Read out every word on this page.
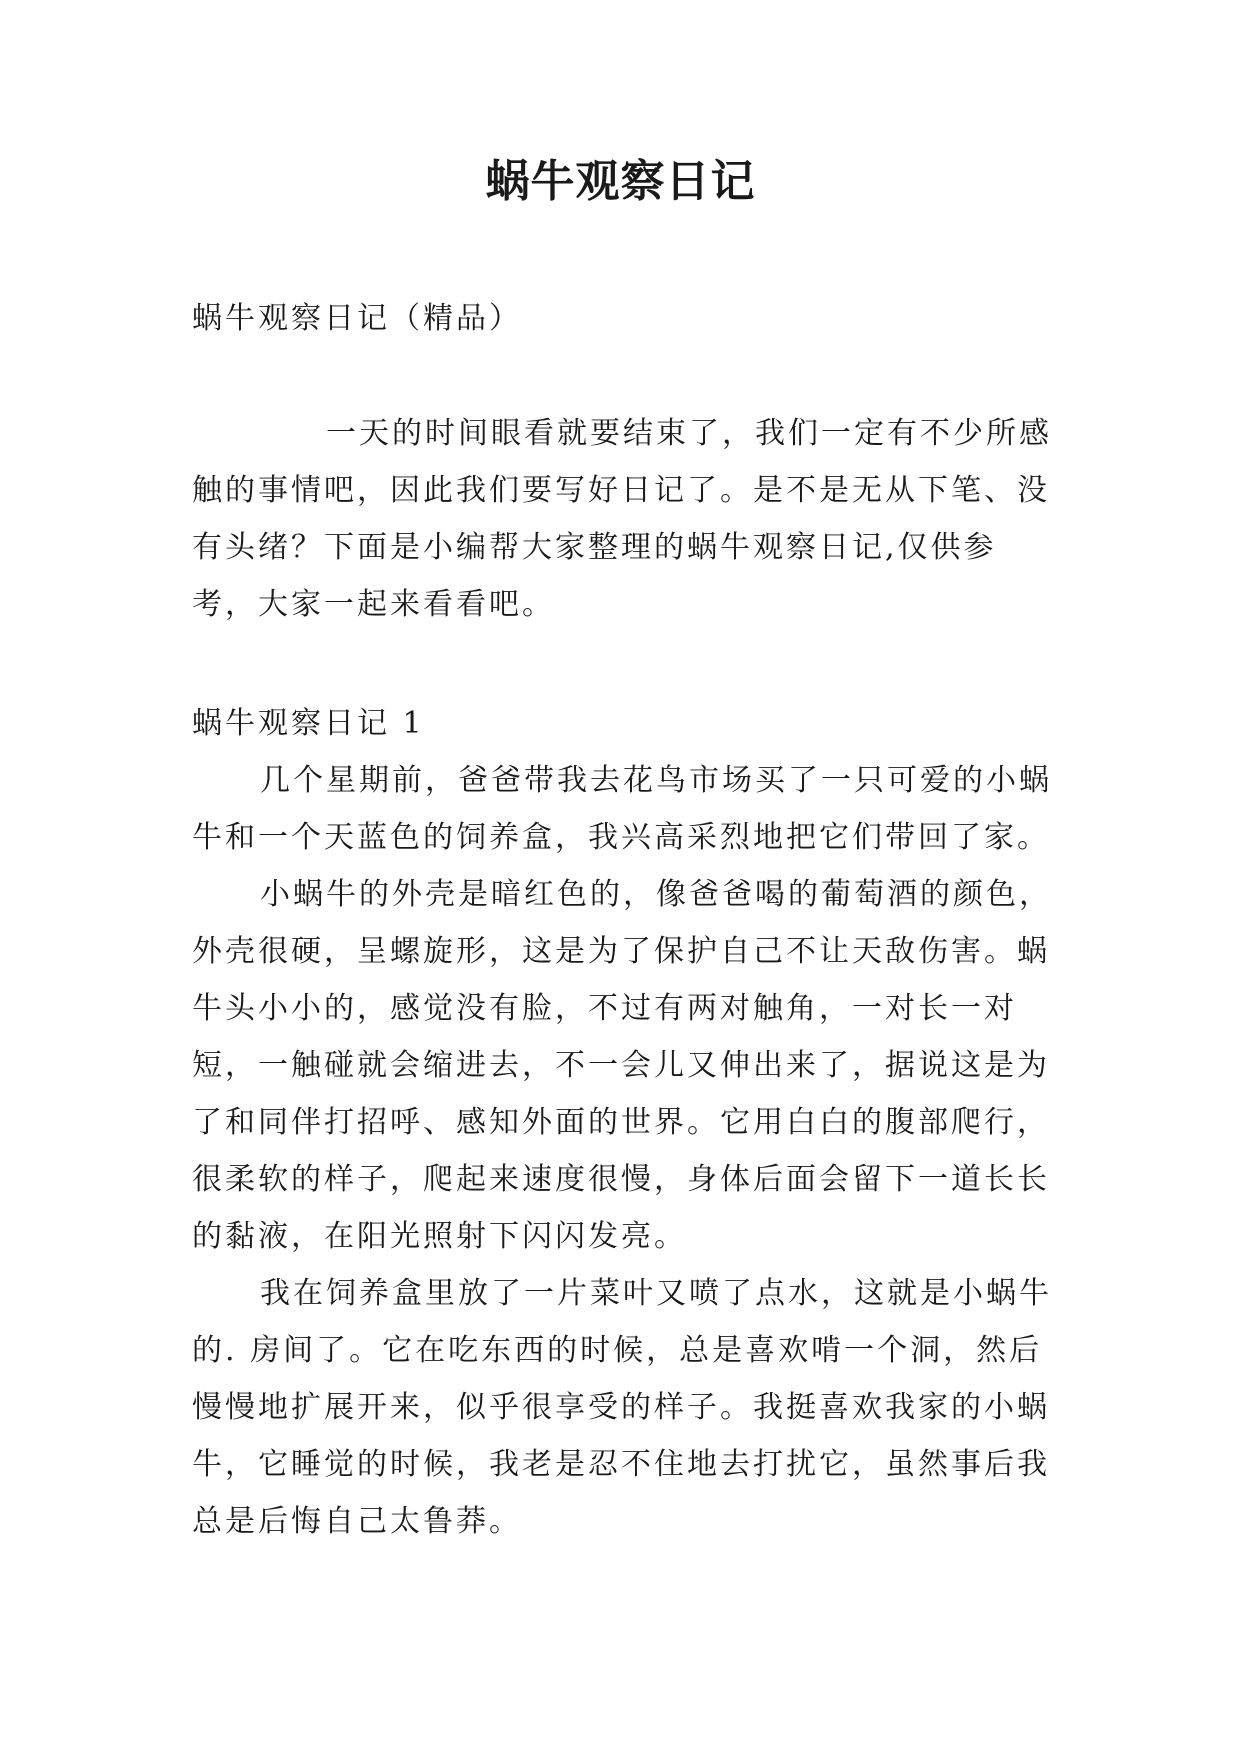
蜗牛观察日记

蜗牛观察日记（精品）

一天的时间眼看就要结束了，我们一定有不少所感触的事情吧，因此我们要写好日记了。是不是无从下笔、没有头绪？下面是小编帮大家整理的蜗牛观察日记,仅供参考，大家一起来看看吧。

蜗牛观察日记 1

几个星期前，爸爸带我去花鸟市场买了一只可爱的小蜗牛和一个天蓝色的饲养盒，我兴高采烈地把它们带回了家。

小蜗牛的外壳是暗红色的，像爸爸喝的葡萄酒的颜色，外壳很硬，呈螺旋形，这是为了保护自己不让天敌伤害。蜗牛头小小的，感觉没有脸，不过有两对触角，一对长一对短，一触碰就会缩进去，不一会儿又伸出来了，据说这是为了和同伴打招呼、感知外面的世界。它用白白的腹部爬行，很柔软的样子，爬起来速度很慢，身体后面会留下一道长长的黏液，在阳光照射下闪闪发亮。

我在饲养盒里放了一片菜叶又喷了点水，这就是小蜗牛的. 房间了。它在吃东西的时候，总是喜欢啃一个洞，然后慢慢地扩展开来，似乎很享受的样子。我挺喜欢我家的小蜗牛，它睡觉的时候，我老是忍不住地去打扰它，虽然事后我总是后悔自己太鲁莽。
